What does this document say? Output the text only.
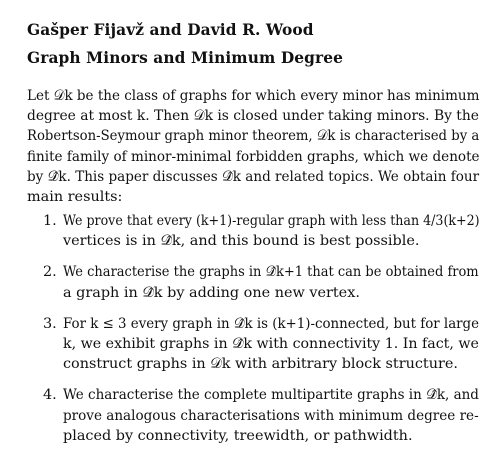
Gašper Fijavž and David R. Wood
Graph Minors and Minimum Degree
Let 𝒟k be the class of graphs for which every minor has minimum
degree at most k. Then 𝒟k is closed under taking minors. By the
Robertson-Seymour graph minor theorem, 𝒟k is characterised by a
finite family of minor-minimal forbidden graphs, which we denote
by 𝒟̂k. This paper discusses 𝒟̂k and related topics. We obtain four
main results:
1. We prove that every (k+1)-regular graph with less than 4/3(k+2)
vertices is in 𝒟̂k, and this bound is best possible.
2. We characterise the graphs in 𝒟̂k+1 that can be obtained from
a graph in 𝒟̂k by adding one new vertex.
3. For k ≤ 3 every graph in 𝒟̂k is (k+1)-connected, but for large
k, we exhibit graphs in 𝒟̂k with connectivity 1. In fact, we
construct graphs in 𝒟k with arbitrary block structure.
4. We characterise the complete multipartite graphs in 𝒟̂k, and
prove analogous characterisations with minimum degree re-
placed by connectivity, treewidth, or pathwidth.
